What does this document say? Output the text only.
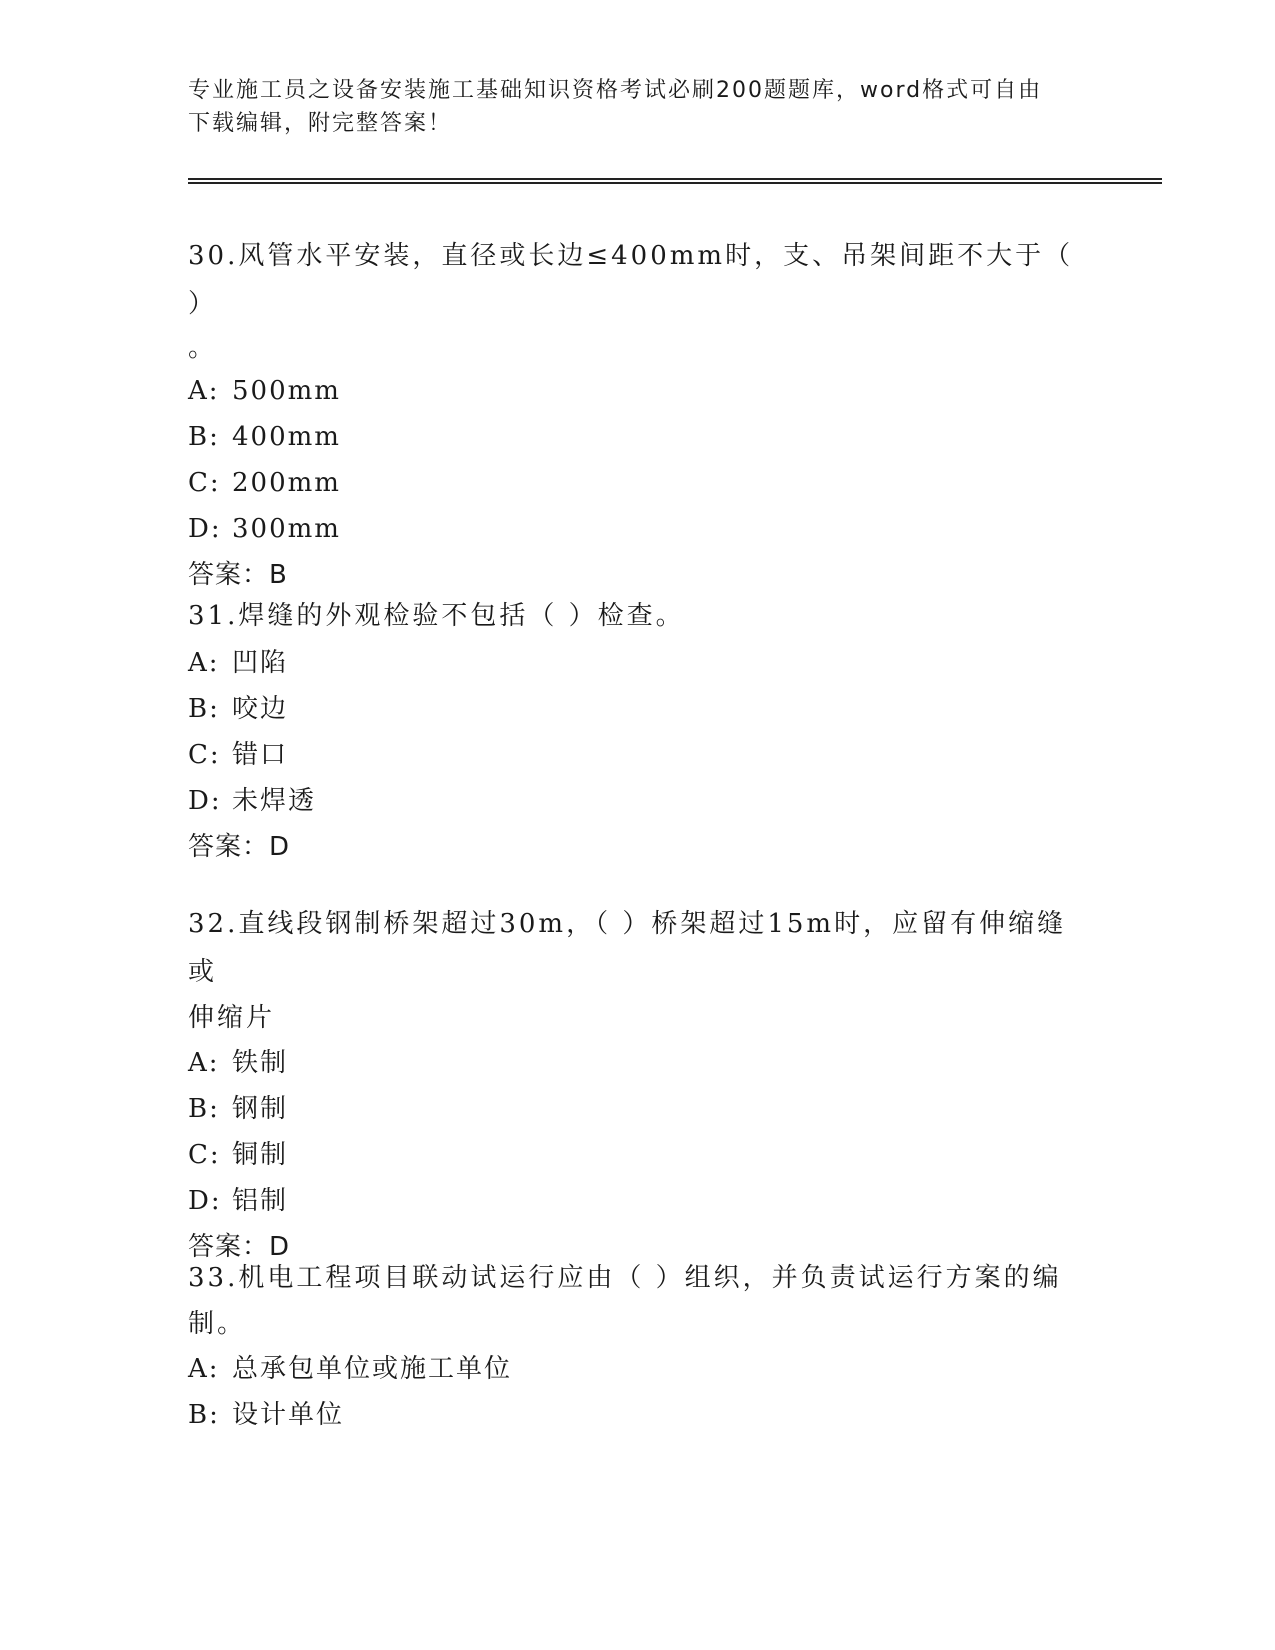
专业施工员之设备安装施工基础知识资格考试必刷200题题库，word格式可自由
下载编辑，附完整答案！
30.风管水平安装，直径或长边≤400mm时，支、吊架间距不大于（ ）
。
A: 500mm
B: 400mm
C: 200mm
D: 300mm
答案：B
31.焊缝的外观检验不包括（ ）检查。
A: 凹陷
B: 咬边
C: 错口
D: 未焊透
答案：D
32.直线段钢制桥架超过30m，（ ）桥架超过15m时，应留有伸缩缝或
伸缩片
A: 铁制
B: 钢制
C: 铜制
D: 铝制
答案：D
33.机电工程项目联动试运行应由（ ）组织，并负责试运行方案的编
制。
A: 总承包单位或施工单位
B: 设计单位
